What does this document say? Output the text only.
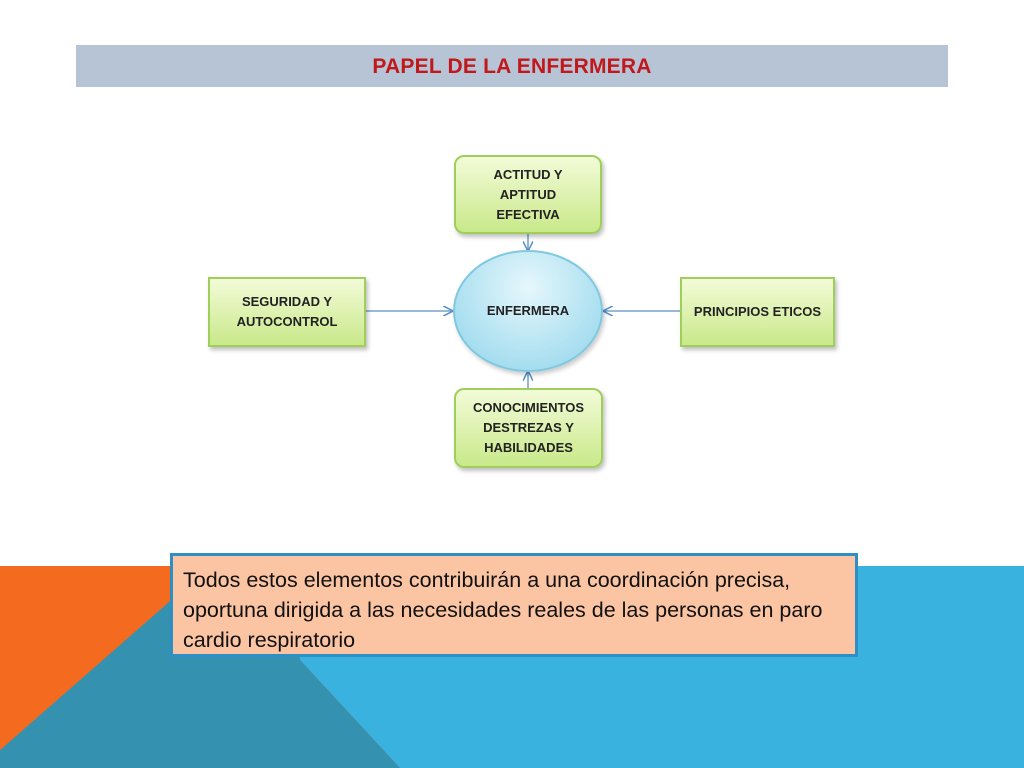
PAPEL DE LA ENFERMERA
ACTITUD Y
APTITUD
EFECTIVA
SEGURIDAD Y
AUTOCONTROL
ENFERMERA	PRINCIPIOS ETICOS
CONOCIMIENTOS
DESTREZAS Y
HABILIDADES
Todos estos elementos contribuirán a una coordinación precisa, oportuna dirigida a las necesidades reales de las personas en paro cardio respiratorio
